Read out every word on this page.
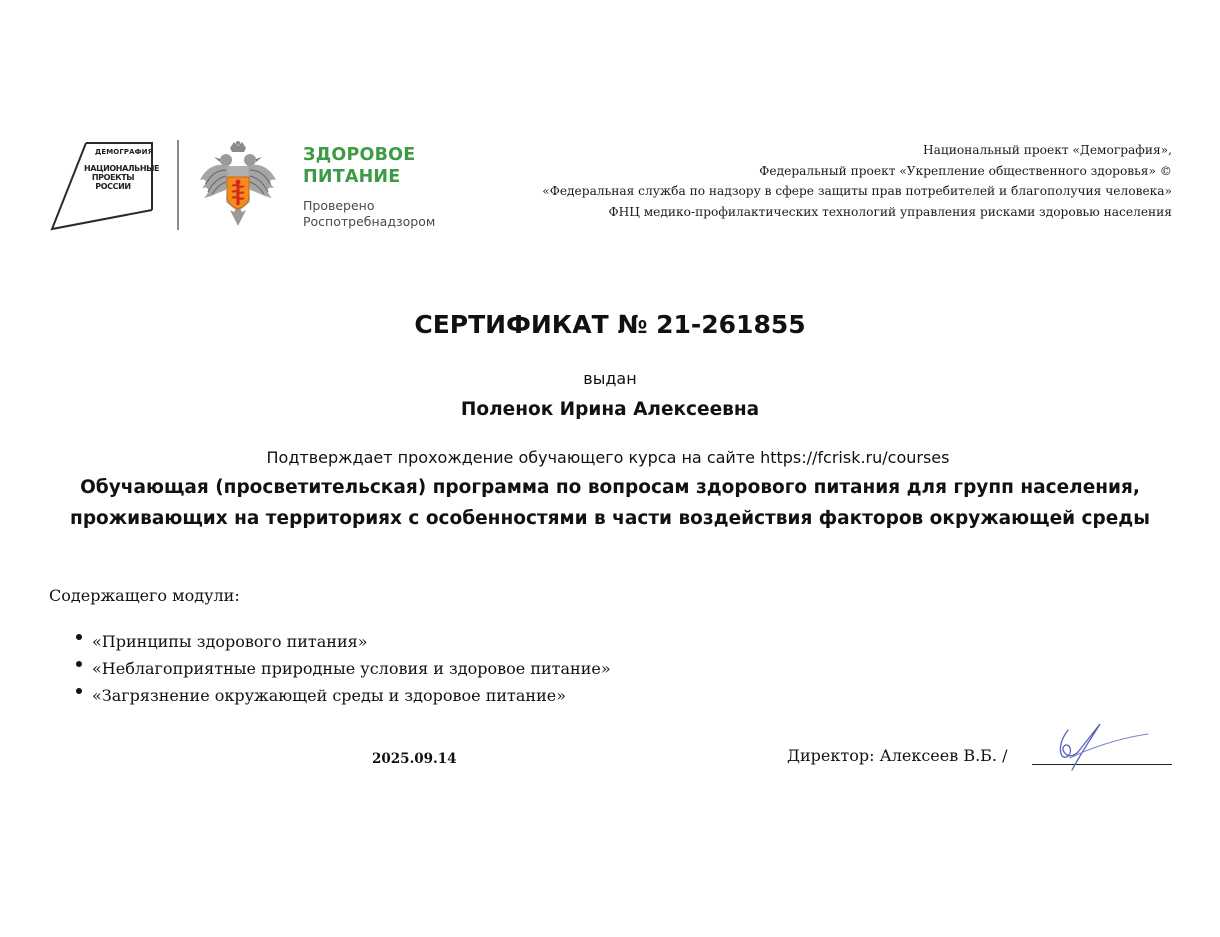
ДЕМОГРАФИЯ
НАЦИОНАЛЬНЫЕ
ПРОЕКТЫ
РОССИИ
ЗДОРОВОЕ
ПИТАНИЕ
Проверено
Роспотребнадзором
Национальный проект «Демография»,
Федеральный проект «Укрепление общественного здоровья» ©
«Федеральная служба по надзору в сфере защиты прав потребителей и благополучия человека»
ФНЦ медико-профилактических технологий управления рисками здоровью населения
СЕРТИФИКАТ № 21-261855
выдан
Поленок Ирина Алексеевна
Подтверждает прохождение обучающего курса на сайте https://fcrisk.ru/courses
Обучающая (просветительская) программа по вопросам здорового питания для групп населения, проживающих на территориях с особенностями в части воздействия факторов окружающей среды
Содержащего модули:
«Принципы здорового питания»
«Неблагоприятные природные условия и здоровое питание»
«Загрязнение окружающей среды и здоровое питание»
2025.09.14	Директор: Алексеев В.Б. /
